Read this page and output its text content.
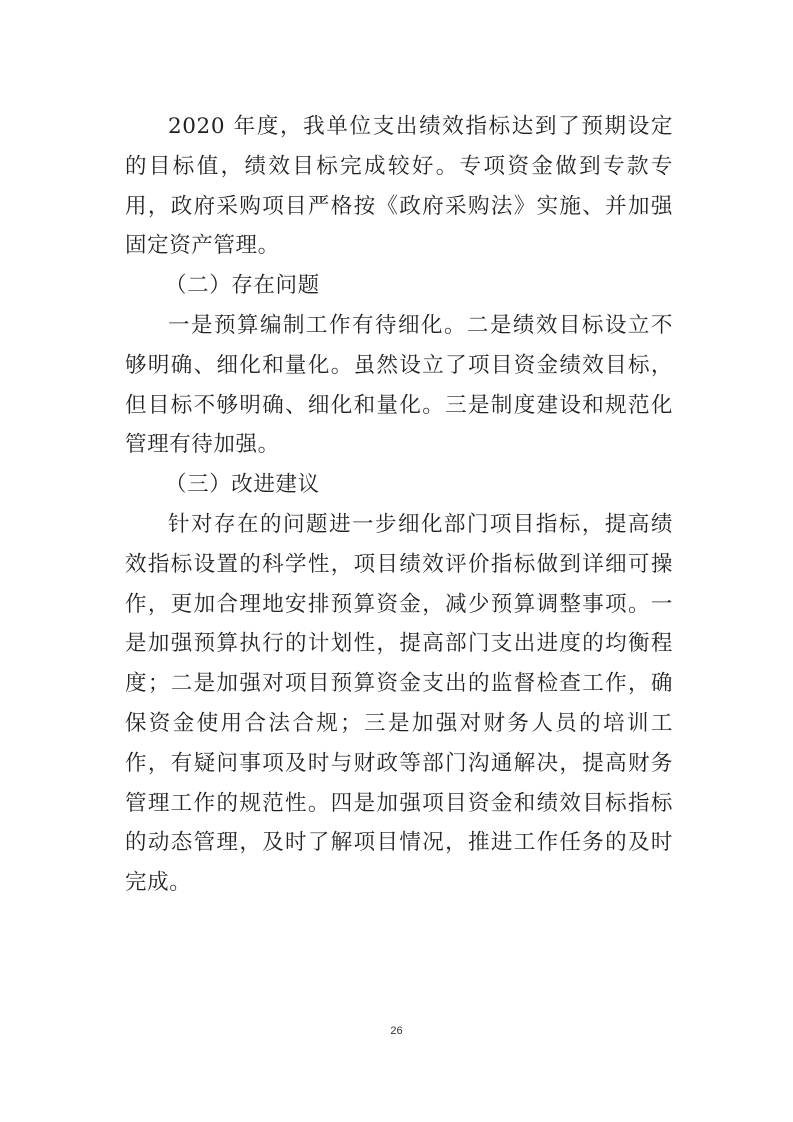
2020 年度，我单位支出绩效指标达到了预期设定的目标值，绩效目标完成较好。专项资金做到专款专用，政府采购项目严格按《政府采购法》实施、并加强固定资产管理。

（二）存在问题

一是预算编制工作有待细化。二是绩效目标设立不够明确、细化和量化。虽然设立了项目资金绩效目标，但目标不够明确、细化和量化。三是制度建设和规范化管理有待加强。

（三）改进建议

针对存在的问题进一步细化部门项目指标，提高绩效指标设置的科学性，项目绩效评价指标做到详细可操作，更加合理地安排预算资金，减少预算调整事项。一是加强预算执行的计划性，提高部门支出进度的均衡程度；二是加强对项目预算资金支出的监督检查工作，确保资金使用合法合规；三是加强对财务人员的培训工作，有疑问事项及时与财政等部门沟通解决，提高财务管理工作的规范性。四是加强项目资金和绩效目标指标的动态管理，及时了解项目情况，推进工作任务的及时完成。

26
